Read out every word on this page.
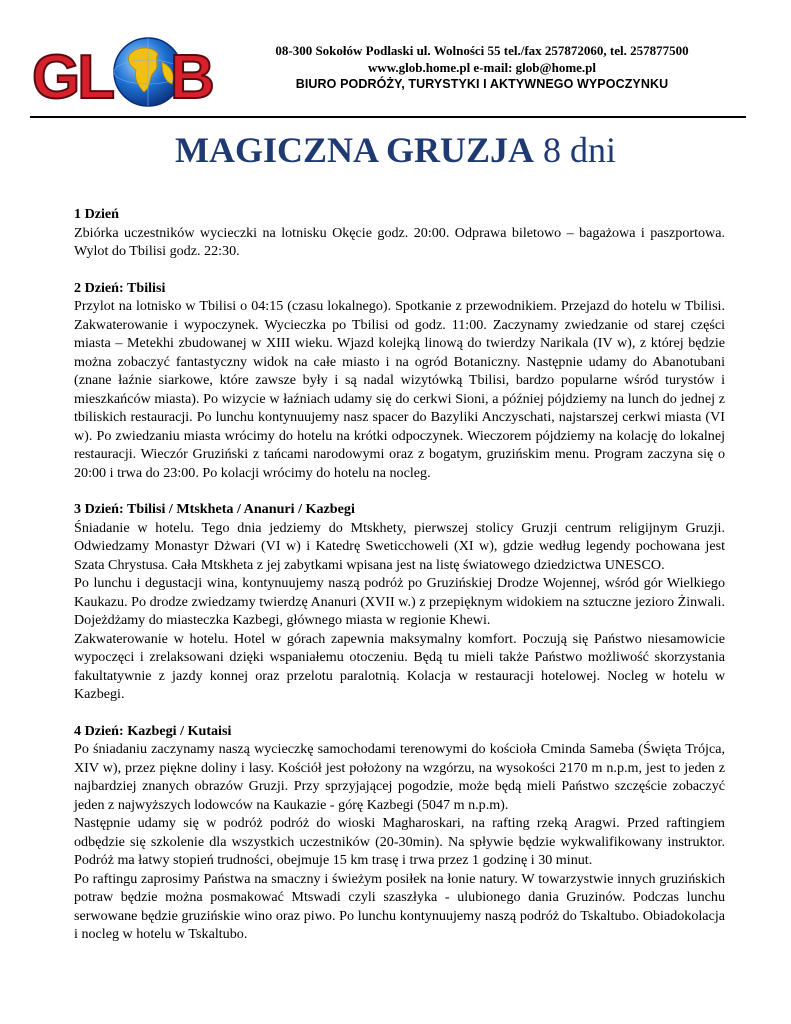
GL B	08-300 Sokołów Podlaski ul. Wolności 55 tel./fax 257872060, tel. 257877500
www.glob.home.pl e-mail: glob@home.pl
BIURO PODRÓŻY, TURYSTYKI I AKTYWNEGO WYPOCZYNKU
MAGICZNA GRUZJA 8 dni
1 Dzień

Zbiórka uczestników wycieczki na lotnisku Okęcie godz. 20:00. Odprawa biletowo – bagażowa i paszportowa. Wylot do Tbilisi godz. 22:30.

2 Dzień: Tbilisi

Przylot na lotnisko w Tbilisi o 04:15 (czasu lokalnego). Spotkanie z przewodnikiem. Przejazd do hotelu w Tbilisi. Zakwaterowanie i wypoczynek. Wycieczka po Tbilisi od godz. 11:00. Zaczynamy zwiedzanie od starej części miasta – Metekhi zbudowanej w XIII wieku. Wjazd kolejką linową do twierdzy Narikala (IV w), z której będzie można zobaczyć fantastyczny widok na całe miasto i na ogród Botaniczny. Następnie udamy do Abanotubani (znane łaźnie siarkowe, które zawsze były i są nadal wizytówką Tbilisi, bardzo popularne wśród turystów i mieszkańców miasta). Po wizycie w łaźniach udamy się do cerkwi Sioni, a później pójdziemy na lunch do jednej z tbiliskich restauracji. Po lunchu kontynuujemy nasz spacer do Bazyliki Anczyschati, najstarszej cerkwi miasta (VI w). Po zwiedzaniu miasta wrócimy do hotelu na krótki odpoczynek. Wieczorem pójdziemy na kolację do lokalnej restauracji. Wieczór Gruziński z tańcami narodowymi oraz z bogatym, gruzińskim menu. Program zaczyna się o 20:00 i trwa do 23:00. Po kolacji wrócimy do hotelu na nocleg.

3 Dzień: Tbilisi / Mtskheta / Ananuri / Kazbegi

Śniadanie w hotelu. Tego dnia jedziemy do Mtskhety, pierwszej stolicy Gruzji centrum religijnym Gruzji. Odwiedzamy Monastyr Dżwari (VI w) i Katedrę Sweticchoweli (XI w), gdzie według legendy pochowana jest Szata Chrystusa. Cała Mtskheta z jej zabytkami wpisana jest na listę światowego dziedzictwa UNESCO.

Po lunchu i degustacji wina, kontynuujemy naszą podróż po Gruzińskiej Drodze Wojennej, wśród gór Wielkiego Kaukazu. Po drodze zwiedzamy twierdzę Ananuri (XVII w.) z przepięknym widokiem na sztuczne jezioro Żinwali. Dojeżdżamy do miasteczka Kazbegi, głównego miasta w regionie Khewi.

Zakwaterowanie w hotelu. Hotel w górach zapewnia maksymalny komfort. Poczują się Państwo niesamowicie wypoczęci i zrelaksowani dzięki wspaniałemu otoczeniu. Będą tu mieli także Państwo możliwość skorzystania fakultatywnie z jazdy konnej oraz przelotu paralotnią. Kolacja w restauracji hotelowej. Nocleg w hotelu w Kazbegi.

4 Dzień: Kazbegi / Kutaisi

Po śniadaniu zaczynamy naszą wycieczkę samochodami terenowymi do kościoła Cminda Sameba (Święta Trójca, XIV w), przez piękne doliny i lasy. Kościół jest położony na wzgórzu, na wysokości 2170 m n.p.m, jest to jeden z najbardziej znanych obrazów Gruzji. Przy sprzyjającej pogodzie, może będą mieli Państwo szczęście zobaczyć jeden z najwyższych lodowców na Kaukazie - górę Kazbegi (5047 m n.p.m).

Następnie udamy się w podróż podróż do wioski Magharoskari, na rafting rzeką Aragwi. Przed raftingiem odbędzie się szkolenie dla wszystkich uczestników (20-30min). Na spływie będzie wykwalifikowany instruktor. Podróż ma łatwy stopień trudności, obejmuje 15 km trasę i trwa przez 1 godzinę i 30 minut.

Po raftingu zaprosimy Państwa na smaczny i świeżym posiłek na łonie natury. W towarzystwie innych gruzińskich potraw będzie można posmakować Mtswadi czyli szaszłyka - ulubionego dania Gruzinów. Podczas lunchu serwowane będzie gruzińskie wino oraz piwo. Po lunchu kontynuujemy naszą podróż do Tskaltubo. Obiadokolacja i nocleg w hotelu w Tskaltubo.
